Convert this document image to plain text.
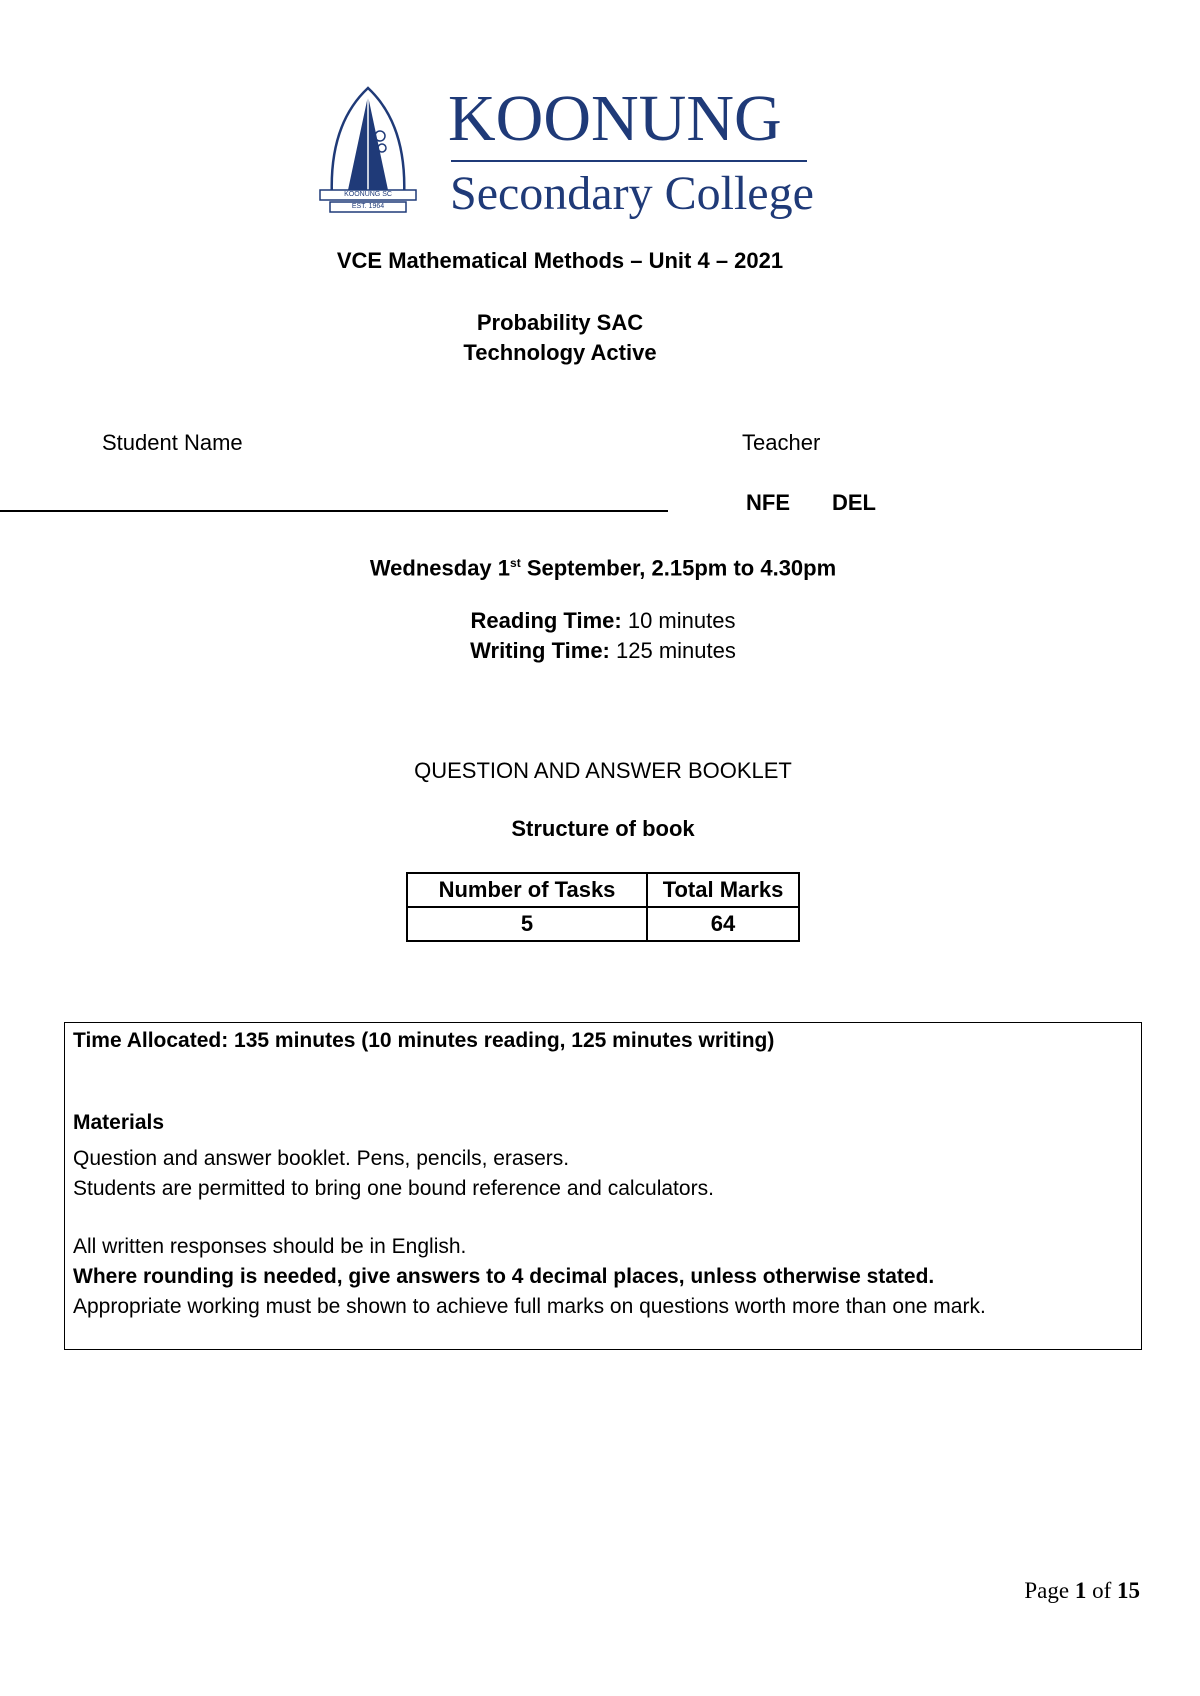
KOONUNG SC
EST. 1964
KOONUNG
Secondary College
VCE Mathematical Methods – Unit 4 – 2021
Probability SAC
Technology Active
Student Name	Teacher
NFE DEL
Wednesday 1st September, 2.15pm to 4.30pm
Reading Time: 10 minutes
Writing Time: 125 minutes
QUESTION AND ANSWER BOOKLET
Structure of book
Number of Tasks	Total Marks
5	64
Time Allocated: 135 minutes (10 minutes reading, 125 minutes writing)
Materials
Question and answer booklet. Pens, pencils, erasers.
Students are permitted to bring one bound reference and calculators.
All written responses should be in English.
Where rounding is needed, give answers to 4 decimal places, unless otherwise stated.
Appropriate working must be shown to achieve full marks on questions worth more than one mark.
Page 1 of 15
